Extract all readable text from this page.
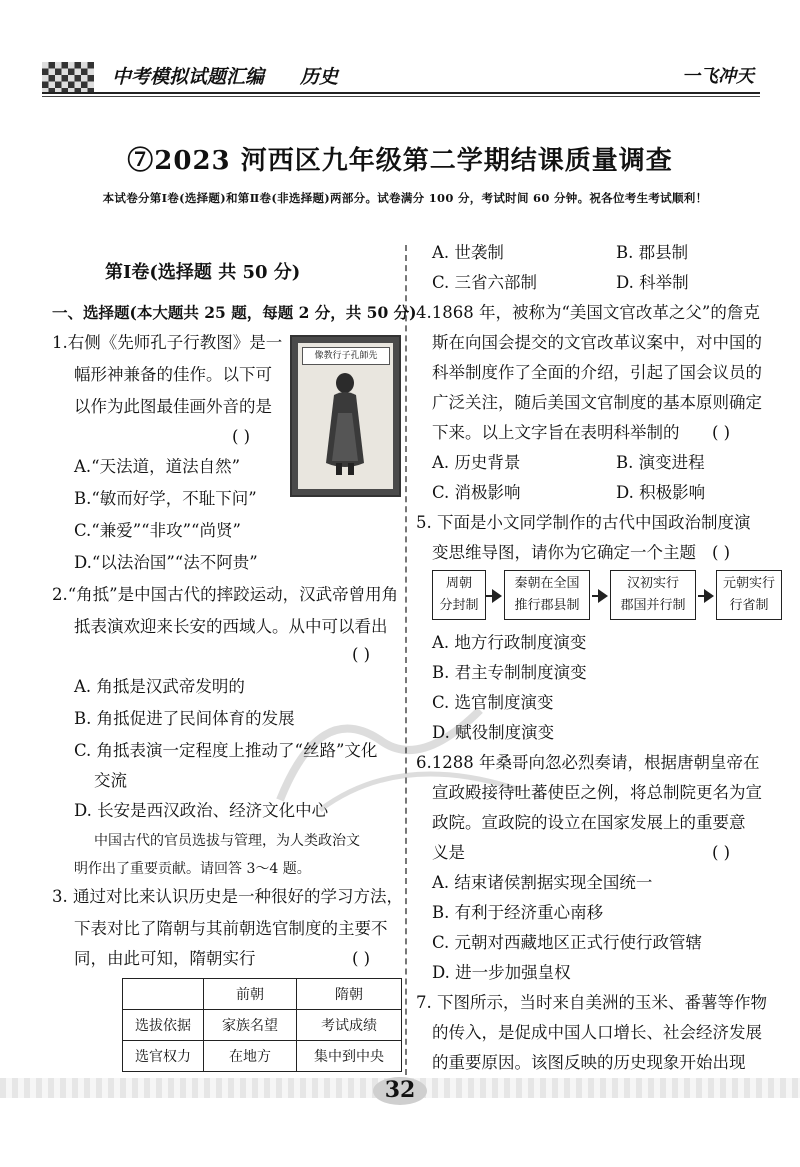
中考模拟试题汇编 历史	一飞冲天
⑦2023 河西区九年级第二学期结课质量调查
本试卷分第Ⅰ卷(选择题)和第Ⅱ卷(非选择题)两部分。试卷满分 100 分，考试时间 60 分钟。祝各位考生考试顺利！
第Ⅰ卷(选择题 共 50 分)
一、选择题(本大题共 25 题，每题 2 分，共 50 分)
1.右侧《先师孔子行教图》是一
幅形神兼备的佳作。以下可
以作为此图最佳画外音的是
( )
A.“天法道，道法自然”
B.“敏而好学，不耻下问”
C.“兼爱”“非攻”“尚贤”
D.“以法治国”“法不阿贵”
像教行子孔師先
2.“角抵”是中国古代的摔跤运动，汉武帝曾用角
抵表演欢迎来长安的西域人。从中可以看出
( )
A. 角抵是汉武帝发明的
B. 角抵促进了民间体育的发展
C. 角抵表演一定程度上推动了“丝路”文化
交流
D. 长安是西汉政治、经济文化中心
中国古代的官员选拔与管理，为人类政治文
明作出了重要贡献。请回答 3～4 题。
3. 通过对比来认识历史是一种很好的学习方法，
下表对比了隋朝与其前朝选官制度的主要不
同，由此可知，隋朝实行	( )
	前朝	隋朝
选拔依据	家族名望	考试成绩
选官权力	在地方	集中到中央
A. 世袭制	B. 郡县制
C. 三省六部制	D. 科举制
4.1868 年，被称为“美国文官改革之父”的詹克
斯在向国会提交的文官改革议案中，对中国的
科举制度作了全面的介绍，引起了国会议员的
广泛关注，随后美国文官制度的基本原则确定
下来。以上文字旨在表明科举制的 ( )
A. 历史背景	B. 演变进程
C. 消极影响	D. 积极影响
5. 下面是小文同学制作的古代中国政治制度演
变思维导图，请你为它确定一个主题 ( )
周朝
分封制
秦朝在全国
推行郡县制
汉初实行
郡国并行制
元朝实行
行省制
A. 地方行政制度演变
B. 君主专制制度演变
C. 选官制度演变
D. 赋役制度演变
6.1288 年桑哥向忽必烈奏请，根据唐朝皇帝在
宣政殿接待吐蕃使臣之例，将总制院更名为宣
政院。宣政院的设立在国家发展上的重要意
义是	( )
A. 结束诸侯割据实现全国统一
B. 有利于经济重心南移
C. 元朝对西藏地区正式行使行政管辖
D. 进一步加强皇权
7. 下图所示，当时来自美洲的玉米、番薯等作物
的传入，是促成中国人口增长、社会经济发展
的重要原因。该图反映的历史现象开始出现
32
